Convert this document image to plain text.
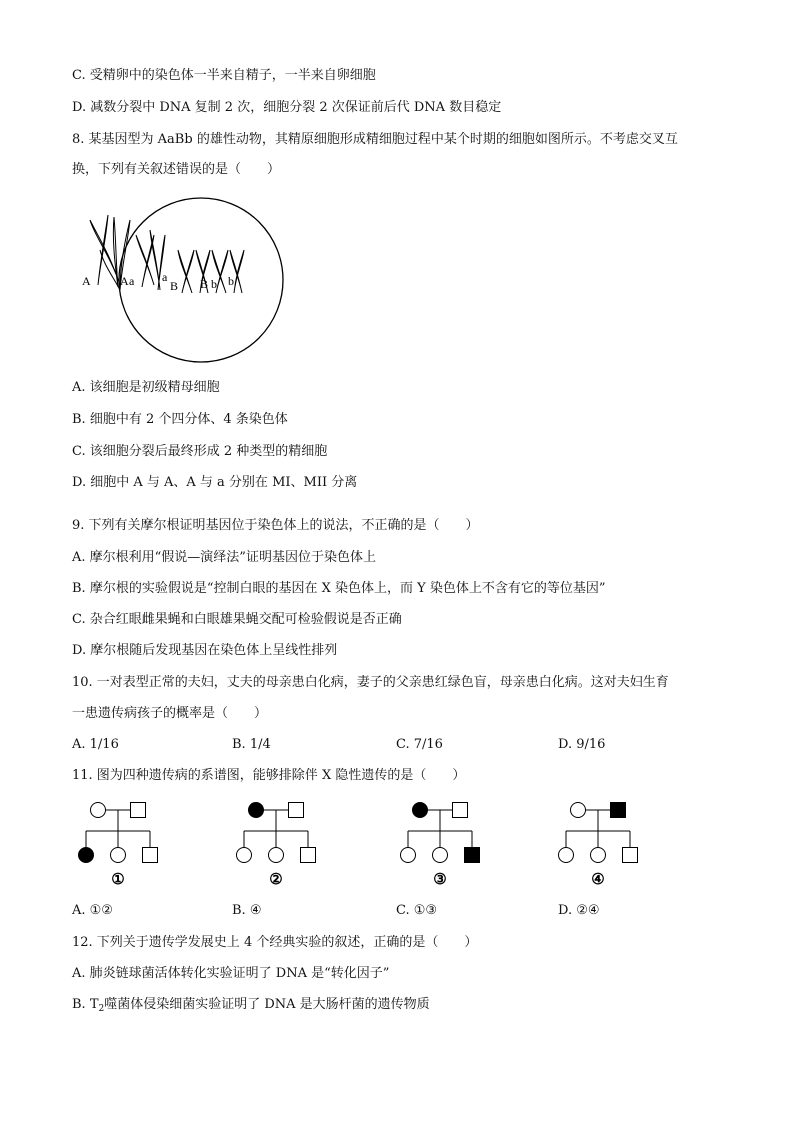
C. 受精卵中的染色体一半来自精子，一半来自卵细胞
D. 减数分裂中 DNA 复制 2 次，细胞分裂 2 次保证前后代 DNA 数目稳定
8. 某基因型为 AaBb 的雄性动物，其精原细胞形成精细胞过程中某个时期的细胞如图所示。不考虑交叉互
换，下列有关叙述错误的是（　　）
A A a a
B B b b
A. 该细胞是初级精母细胞
B. 细胞中有 2 个四分体、4 条染色体
C. 该细胞分裂后最终形成 2 种类型的精细胞
D. 细胞中 A 与 A、A 与 a 分别在 MI、MII 分离
9. 下列有关摩尔根证明基因位于染色体上的说法，不正确的是（　　）
A. 摩尔根利用“假说—演绎法”证明基因位于染色体上
B. 摩尔根的实验假说是“控制白眼的基因在 X 染色体上，而 Y 染色体上不含有它的等位基因”
C. 杂合红眼雌果蝇和白眼雄果蝇交配可检验假说是否正确
D. 摩尔根随后发现基因在染色体上呈线性排列
10. 一对表型正常的夫妇，丈夫的母亲患白化病，妻子的父亲患红绿色盲，母亲患白化病。这对夫妇生育
一患遗传病孩子的概率是（　　）
A. 1/16	B. 1/4	C. 7/16	D. 9/16
11. 图为四种遗传病的系谱图，能够排除伴 X 隐性遗传的是（　　）
①	②	③	④
A. ①②	B. ④	C. ①③	D. ②④
12. 下列关于遗传学发展史上 4 个经典实验的叙述，正确的是（　　）
A. 肺炎链球菌活体转化实验证明了 DNA 是“转化因子”
B. $T_2$噬菌体侵染细菌实验证明了 DNA 是大肠杆菌的遗传物质
